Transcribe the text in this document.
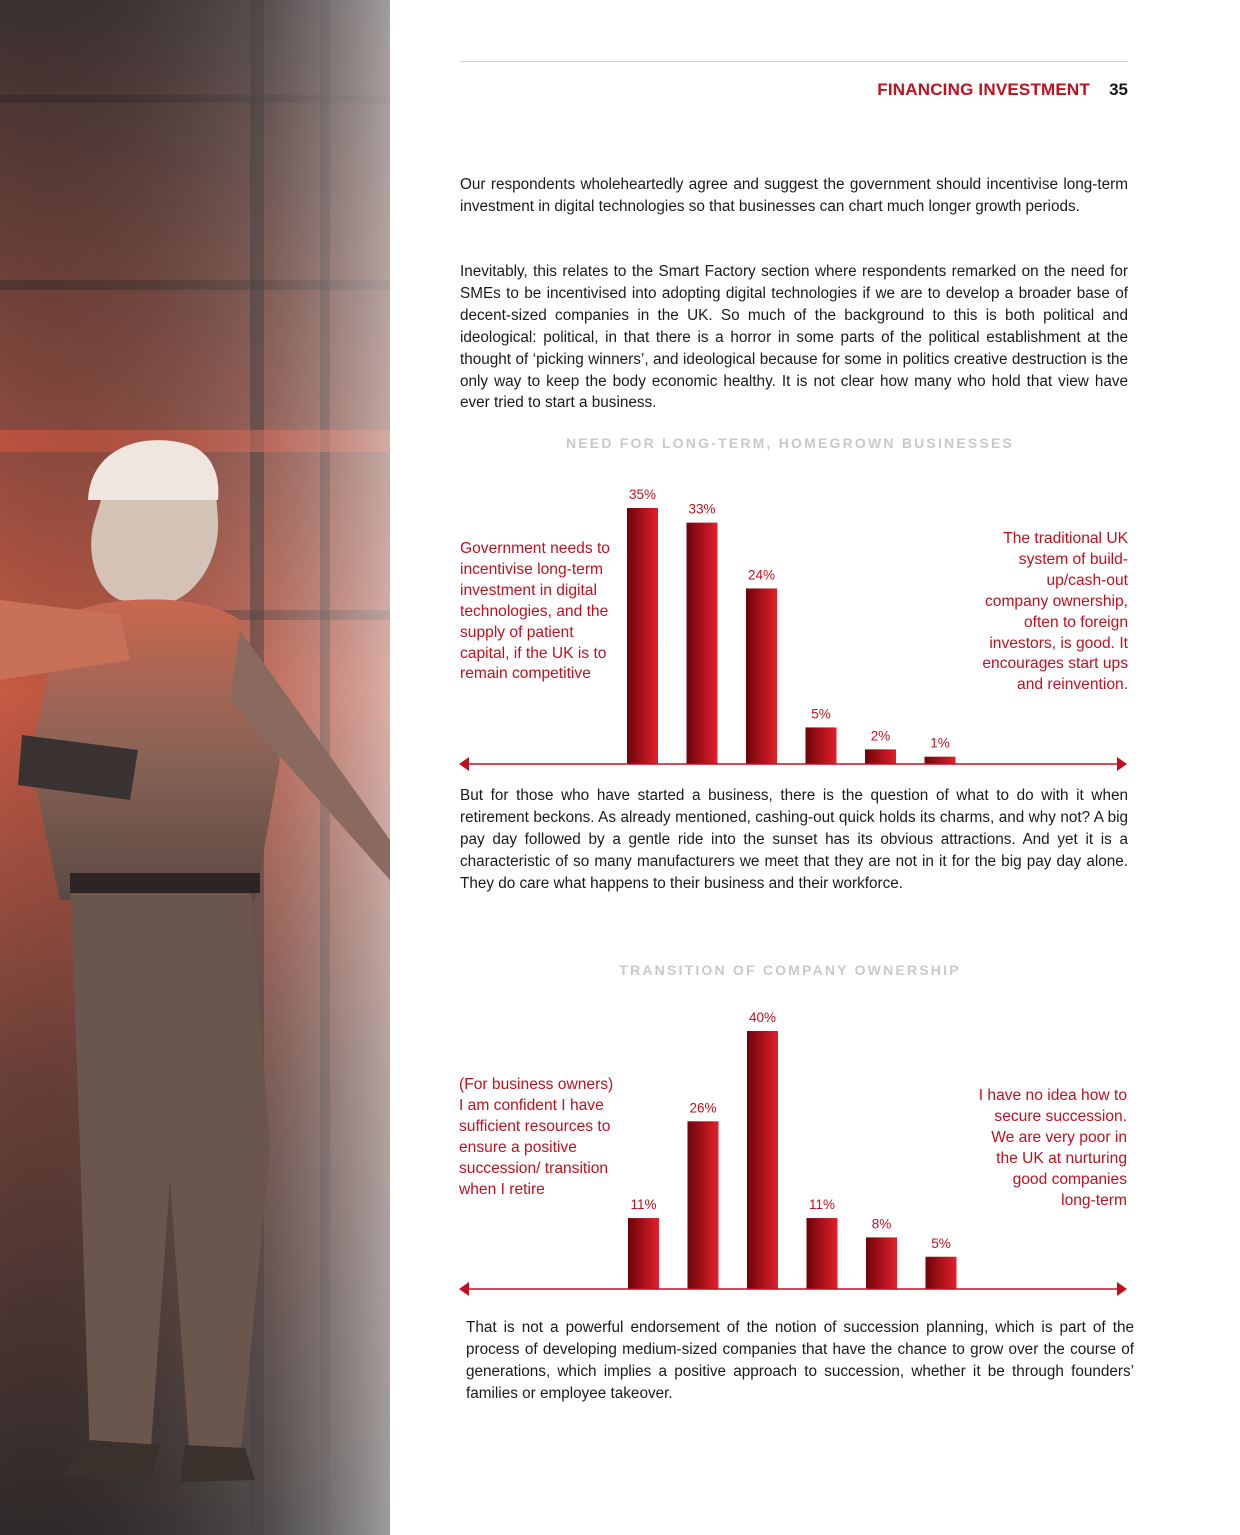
FINANCING INVESTMENT	35

Our respondents wholeheartedly agree and suggest the government should incentivise long-term investment in digital technologies so that businesses can chart much longer growth periods.

Inevitably, this relates to the Smart Factory section where respondents remarked on the need for SMEs to be incentivised into adopting digital technologies if we are to develop a broader base of decent-sized companies in the UK. So much of the background to this is both political and ideological: political, in that there is a horror in some parts of the political establishment at the thought of ‘picking winners’, and ideological because for some in politics creative destruction is the only way to keep the body economic healthy. It is not clear how many who hold that view have ever tried to start a business.

NEED FOR LONG-TERM, HOMEGROWN BUSINESSES
Government needs to incentivise long-term investment in digital technologies, and the supply of patient capital, if the UK is to remain competitive
The traditional UK system of build-up/cash-out company ownership, often to foreign investors, is good. It encourages start ups and reinvention.
35%
33%
24%
5%
2%	1%

But for those who have started a business, there is the question of what to do with it when retirement beckons. As already mentioned, cashing-out quick holds its charms, and why not? A big pay day followed by a gentle ride into the sunset has its obvious attractions. And yet it is a characteristic of so many manufacturers we meet that they are not in it for the big pay day alone. They do care what happens to their business and their workforce.

TRANSITION OF COMPANY OWNERSHIP
(For business owners) I am confident I have sufficient resources to ensure a positive succession/ transition when I retire
I have no idea how to secure succession. We are very poor in the UK at nurturing good companies long-term
11%
26%
40%
11%
8%
5%

That is not a powerful endorsement of the notion of succession planning, which is part of the process of developing medium-sized companies that have the chance to grow over the course of generations, which implies a positive approach to succession, whether it be through founders’ families or employee takeover.
